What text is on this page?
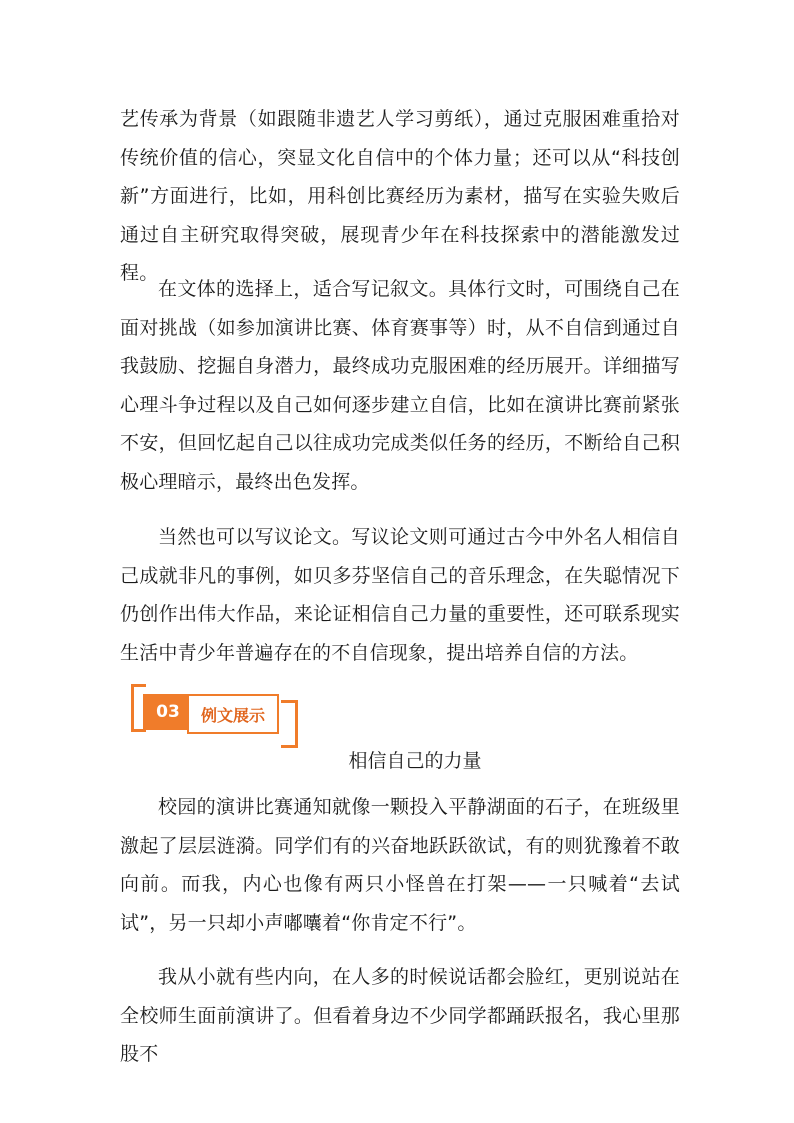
艺传承为背景（如跟随非遗艺人学习剪纸），通过克服困难重拾对传统价值的信心，突显文化自信中的个体力量；还可以从“科技创新”方面进行，比如，用科创比赛经历为素材，描写在实验失败后通过自主研究取得突破，展现青少年在科技探索中的潜能激发过程。

在文体的选择上，适合写记叙文。具体行文时，可围绕自己在面对挑战（如参加演讲比赛、体育赛事等）时，从不自信到通过自我鼓励、挖掘自身潜力，最终成功克服困难的经历展开。详细描写心理斗争过程以及自己如何逐步建立自信，比如在演讲比赛前紧张不安，但回忆起自己以往成功完成类似任务的经历，不断给自己积极心理暗示，最终出色发挥。

当然也可以写议论文。写议论文则可通过古今中外名人相信自己成就非凡的事例，如贝多芬坚信自己的音乐理念，在失聪情况下仍创作出伟大作品，来论证相信自己力量的重要性，还可联系现实生活中青少年普遍存在的不自信现象，提出培养自信的方法。

03	例文展示

相信自己的力量

校园的演讲比赛通知就像一颗投入平静湖面的石子，在班级里激起了层层涟漪。同学们有的兴奋地跃跃欲试，有的则犹豫着不敢向前。而我，内心也像有两只小怪兽在打架——一只喊着“去试试”，另一只却小声嘟囔着“你肯定不行”。

我从小就有些内向，在人多的时候说话都会脸红，更别说站在全校师生面前演讲了。但看着身边不少同学都踊跃报名，我心里那股不
